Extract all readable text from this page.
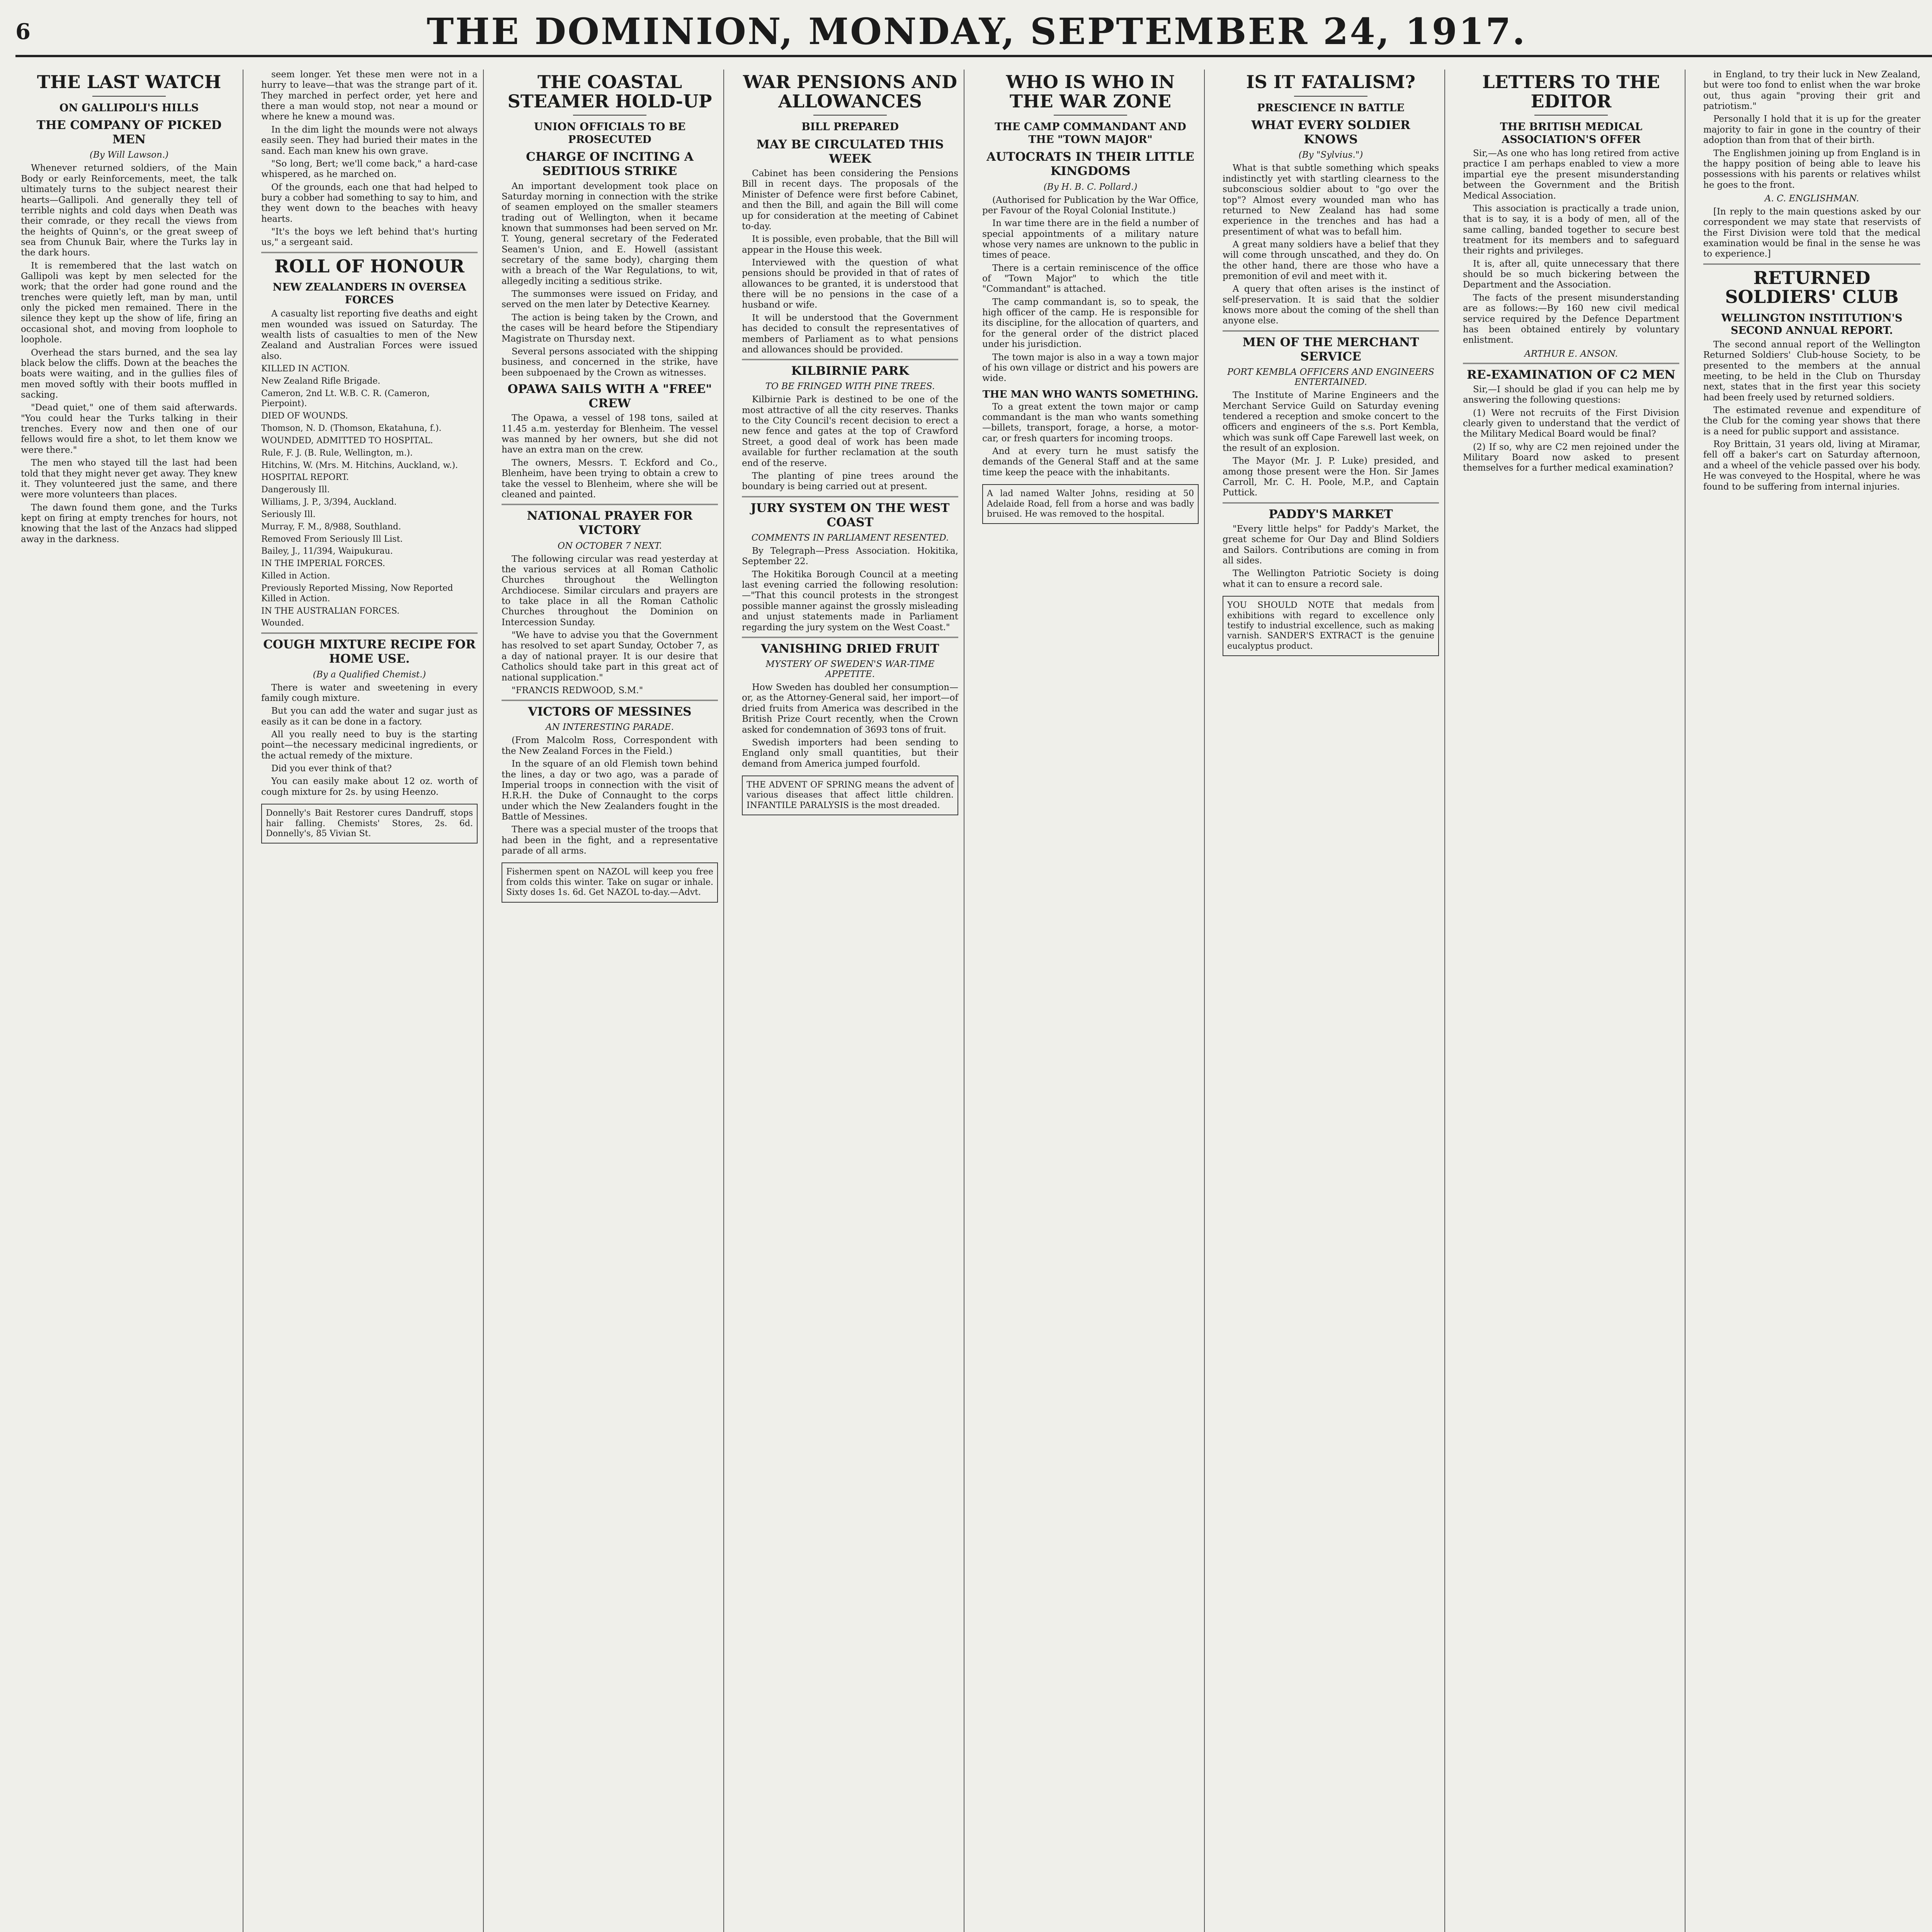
6	THE DOMINION, MONDAY, SEPTEMBER 24, 1917.
THE LAST WATCH
ON GALLIPOLI'S HILLS
THE COMPANY OF PICKED MEN
(By Will Lawson.)

Whenever returned soldiers, of the Main Body or early Reinforcements, meet, the talk ultimately turns to the subject nearest their hearts—Gallipoli. And generally they tell of terrible nights and cold days when Death was their comrade, or they recall the views from the heights of Quinn's, or the great sweep of sea from Chunuk Bair, where the Turks lay in the dark hours.

It is remembered that the last watch on Gallipoli was kept by men selected for the work; that the order had gone round and the trenches were quietly left, man by man, until only the picked men remained. There in the silence they kept up the show of life, firing an occasional shot, and moving from loophole to loophole.

Overhead the stars burned, and the sea lay black below the cliffs. Down at the beaches the boats were waiting, and in the gullies files of men moved softly with their boots muffled in sacking.

"Dead quiet," one of them said afterwards. "You could hear the Turks talking in their trenches. Every now and then one of our fellows would fire a shot, to let them know we were there."

The men who stayed till the last had been told that they might never get away. They knew it. They volunteered just the same, and there were more volunteers than places.

The dawn found them gone, and the Turks kept on firing at empty trenches for hours, not knowing that the last of the Anzacs had slipped away in the darkness.

seem longer. Yet these men were not in a hurry to leave—that was the strange part of it. They marched in perfect order, yet here and there a man would stop, not near a mound or where he knew a mound was.

In the dim light the mounds were not always easily seen. They had buried their mates in the sand. Each man knew his own grave.

"So long, Bert; we'll come back," a hard-case whispered, as he marched on.

Of the grounds, each one that had helped to bury a cobber had something to say to him, and they went down to the beaches with heavy hearts.

"It's the boys we left behind that's hurting us," a sergeant said.

ROLL OF HONOUR
NEW ZEALANDERS IN OVERSEA FORCES

A casualty list reporting five deaths and eight men wounded was issued on Saturday. The wealth lists of casualties to men of the New Zealand and Australian Forces were issued also.

KILLED IN ACTION.
New Zealand Rifle Brigade.
Cameron, 2nd Lt. W.B. C. R. (Cameron, Pierpoint).
DIED OF WOUNDS.
Thomson, N. D. (Thomson, Ekatahuna, f.).
WOUNDED, ADMITTED TO HOSPITAL.
Rule, F. J. (B. Rule, Wellington, m.).
Hitchins, W. (Mrs. M. Hitchins, Auckland, w.).
HOSPITAL REPORT.
Dangerously Ill.
Williams, J. P., 3/394, Auckland.
Seriously Ill.
Murray, F. M., 8/988, Southland.
Removed From Seriously Ill List.
Bailey, J., 11/394, Waipukurau.
IN THE IMPERIAL FORCES.
Killed in Action.
Previously Reported Missing, Now Reported Killed in Action.
IN THE AUSTRALIAN FORCES.
Wounded.
COUGH MIXTURE RECIPE FOR HOME USE.
(By a Qualified Chemist.)

There is water and sweetening in every family cough mixture.

But you can add the water and sugar just as easily as it can be done in a factory.

All you really need to buy is the starting point—the necessary medicinal ingredients, or the actual remedy of the mixture.

Did you ever think of that?

You can easily make about 12 oz. worth of cough mixture for 2s. by using Heenzo.

Donnelly's Bait Restorer cures Dandruff, stops hair falling. Chemists' Stores, 2s. 6d. Donnelly's, 85 Vivian St.
THE COASTAL STEAMER HOLD-UP
UNION OFFICIALS TO BE PROSECUTED
CHARGE OF INCITING A SEDITIOUS STRIKE

An important development took place on Saturday morning in connection with the strike of seamen employed on the smaller steamers trading out of Wellington, when it became known that summonses had been served on Mr. T. Young, general secretary of the Federated Seamen's Union, and E. Howell (assistant secretary of the same body), charging them with a breach of the War Regulations, to wit, allegedly inciting a seditious strike.

The summonses were issued on Friday, and served on the men later by Detective Kearney.

The action is being taken by the Crown, and the cases will be heard before the Stipendiary Magistrate on Thursday next.

Several persons associated with the shipping business, and concerned in the strike, have been subpoenaed by the Crown as witnesses.

OPAWA SAILS WITH A "FREE" CREW

The Opawa, a vessel of 198 tons, sailed at 11.45 a.m. yesterday for Blenheim. The vessel was manned by her owners, but she did not have an extra man on the crew.

The owners, Messrs. T. Eckford and Co., Blenheim, have been trying to obtain a crew to take the vessel to Blenheim, where she will be cleaned and painted.

NATIONAL PRAYER FOR VICTORY
ON OCTOBER 7 NEXT.

The following circular was read yesterday at the various services at all Roman Catholic Churches throughout the Wellington Archdiocese. Similar circulars and prayers are to take place in all the Roman Catholic Churches throughout the Dominion on Intercession Sunday.

"We have to advise you that the Government has resolved to set apart Sunday, October 7, as a day of national prayer. It is our desire that Catholics should take part in this great act of national supplication."

"FRANCIS REDWOOD, S.M."

VICTORS OF MESSINES
AN INTERESTING PARADE.

(From Malcolm Ross, Correspondent with the New Zealand Forces in the Field.)

In the square of an old Flemish town behind the lines, a day or two ago, was a parade of Imperial troops in connection with the visit of H.R.H. the Duke of Connaught to the corps under which the New Zealanders fought in the Battle of Messines.

There was a special muster of the troops that had been in the fight, and a representative parade of all arms.

Fishermen spent on NAZOL will keep you free from colds this winter. Take on sugar or inhale. Sixty doses 1s. 6d. Get NAZOL to-day.—Advt.
WAR PENSIONS AND ALLOWANCES
BILL PREPARED
MAY BE CIRCULATED THIS WEEK

Cabinet has been considering the Pensions Bill in recent days. The proposals of the Minister of Defence were first before Cabinet, and then the Bill, and again the Bill will come up for consideration at the meeting of Cabinet to-day.

It is possible, even probable, that the Bill will appear in the House this week.

Interviewed with the question of what pensions should be provided in that of rates of allowances to be granted, it is understood that there will be no pensions in the case of a husband or wife.

It will be understood that the Government has decided to consult the representatives of members of Parliament as to what pensions and allowances should be provided.

KILBIRNIE PARK
TO BE FRINGED WITH PINE TREES.

Kilbirnie Park is destined to be one of the most attractive of all the city reserves. Thanks to the City Council's recent decision to erect a new fence and gates at the top of Crawford Street, a good deal of work has been made available for further reclamation at the south end of the reserve.

The planting of pine trees around the boundary is being carried out at present.

JURY SYSTEM ON THE WEST COAST
COMMENTS IN PARLIAMENT RESENTED.

By Telegraph—Press Association. Hokitika, September 22.

The Hokitika Borough Council at a meeting last evening carried the following resolution:—"That this council protests in the strongest possible manner against the grossly misleading and unjust statements made in Parliament regarding the jury system on the West Coast."

VANISHING DRIED FRUIT
MYSTERY OF SWEDEN'S WAR-TIME APPETITE.

How Sweden has doubled her consumption—or, as the Attorney-General said, her import—of dried fruits from America was described in the British Prize Court recently, when the Crown asked for condemnation of 3693 tons of fruit.

Swedish importers had been sending to England only small quantities, but their demand from America jumped fourfold.

THE ADVENT OF SPRING means the advent of various diseases that affect little children. INFANTILE PARALYSIS is the most dreaded.
WHO IS WHO IN THE WAR ZONE
THE CAMP COMMANDANT AND THE "TOWN MAJOR"
AUTOCRATS IN THEIR LITTLE KINGDOMS
(By H. B. C. Pollard.)

(Authorised for Publication by the War Office, per Favour of the Royal Colonial Institute.)

In war time there are in the field a number of special appointments of a military nature whose very names are unknown to the public in times of peace.

There is a certain reminiscence of the office of "Town Major" to which the title "Commandant" is attached.

The camp commandant is, so to speak, the high officer of the camp. He is responsible for its discipline, for the allocation of quarters, and for the general order of the district placed under his jurisdiction.

The town major is also in a way a town major of his own village or district and his powers are wide.

THE MAN WHO WANTS SOMETHING.

To a great extent the town major or camp commandant is the man who wants something—billets, transport, forage, a horse, a motor-car, or fresh quarters for incoming troops.

And at every turn he must satisfy the demands of the General Staff and at the same time keep the peace with the inhabitants.

A lad named Walter Johns, residing at 50 Adelaide Road, fell from a horse and was badly bruised. He was removed to the hospital.
IS IT FATALISM?
PRESCIENCE IN BATTLE
WHAT EVERY SOLDIER KNOWS
(By "Sylvius.")

What is that subtle something which speaks indistinctly yet with startling clearness to the subconscious soldier about to "go over the top"? Almost every wounded man who has returned to New Zealand has had some experience in the trenches and has had a presentiment of what was to befall him.

A great many soldiers have a belief that they will come through unscathed, and they do. On the other hand, there are those who have a premonition of evil and meet with it.

A query that often arises is the instinct of self-preservation. It is said that the soldier knows more about the coming of the shell than anyone else.

MEN OF THE MERCHANT SERVICE
PORT KEMBLA OFFICERS AND ENGINEERS ENTERTAINED.

The Institute of Marine Engineers and the Merchant Service Guild on Saturday evening tendered a reception and smoke concert to the officers and engineers of the s.s. Port Kembla, which was sunk off Cape Farewell last week, on the result of an explosion.

The Mayor (Mr. J. P. Luke) presided, and among those present were the Hon. Sir James Carroll, Mr. C. H. Poole, M.P., and Captain Puttick.

PADDY'S MARKET

"Every little helps" for Paddy's Market, the great scheme for Our Day and Blind Soldiers and Sailors. Contributions are coming in from all sides.

The Wellington Patriotic Society is doing what it can to ensure a record sale.

YOU SHOULD NOTE that medals from exhibitions with regard to excellence only testify to industrial excellence, such as making varnish. SANDER'S EXTRACT is the genuine eucalyptus product.
LETTERS TO THE EDITOR
THE BRITISH MEDICAL ASSOCIATION'S OFFER

Sir,—As one who has long retired from active practice I am perhaps enabled to view a more impartial eye the present misunderstanding between the Government and the British Medical Association.

This association is practically a trade union, that is to say, it is a body of men, all of the same calling, banded together to secure best treatment for its members and to safeguard their rights and privileges.

It is, after all, quite unnecessary that there should be so much bickering between the Department and the Association.

The facts of the present misunderstanding are as follows:—By 160 new civil medical service required by the Defence Department has been obtained entirely by voluntary enlistment.

ARTHUR E. ANSON.
RE-EXAMINATION OF C2 MEN

Sir,—I should be glad if you can help me by answering the following questions:

(1) Were not recruits of the First Division clearly given to understand that the verdict of the Military Medical Board would be final?

(2) If so, why are C2 men rejoined under the Military Board now asked to present themselves for a further medical examination?

in England, to try their luck in New Zealand, but were too fond to enlist when the war broke out, thus again "proving their grit and patriotism."

Personally I hold that it is up for the greater majority to fair in gone in the country of their adoption than from that of their birth.

The Englishmen joining up from England is in the happy position of being able to leave his possessions with his parents or relatives whilst he goes to the front.

A. C. ENGLISHMAN.

[In reply to the main questions asked by our correspondent we may state that reservists of the First Division were told that the medical examination would be final in the sense he was to experience.]

RETURNED SOLDIERS' CLUB
WELLINGTON INSTITUTION'S SECOND ANNUAL REPORT.

The second annual report of the Wellington Returned Soldiers' Club-house Society, to be presented to the members at the annual meeting, to be held in the Club on Thursday next, states that in the first year this society had been freely used by returned soldiers.

The estimated revenue and expenditure of the Club for the coming year shows that there is a need for public support and assistance.

Roy Brittain, 31 years old, living at Miramar, fell off a baker's cart on Saturday afternoon, and a wheel of the vehicle passed over his body. He was conveyed to the Hospital, where he was found to be suffering from internal injuries.
